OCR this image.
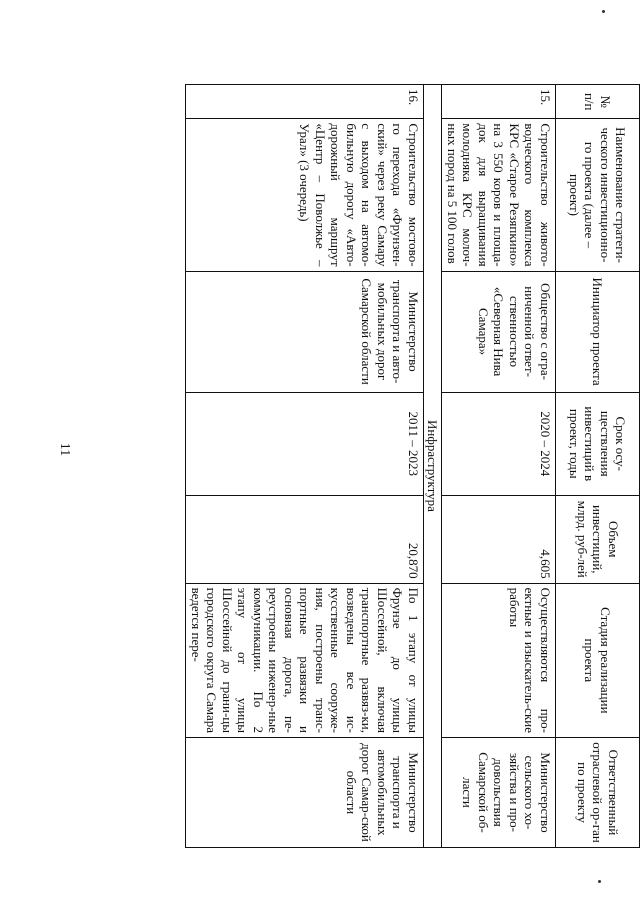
№ п/п	Наименование стратеги-ческого инвестиционно-го проекта (далее – проект)	Инициатор проекта	Срок осу-ществления инвестиций в проект, годы	Объем инвестиций, млрд. руб-лей	Стадия реализации проекта	Ответственный отраслевой ор-ган по проекту
15.	Строительство живото-водческого комплекса КРС «Старое Резяпкино» на 3 550 коров и площа-док для выращивания молодняка КРС молоч-ных пород на 5 100 голов	Общество с огра-ниченной ответ-ственностью «Северная Нива Самара»	2020 – 2024	4,605	Осуществляются про-ектные и изыскатель-ские работы	Министерство сельского хо-зяйства и про-довольствия Самарской об-ласти
Инфраструктура						
16.	Строительство мостово-го перехода «Фрунзен-ский» через реку Самару с выходом на автомо-бильную дорогу «Авто-дорожный маршрут «Центр – Поволжье – Урал» (3 очередь)	Министерство транспорта и авто-мобильных дорог Самарской области	2011 – 2023	20,870	По 1 этапу от улицы Фрунзе до улицы Шоссейной, включая транспортные развяз-ки, возведены все ис-кусственные сооруже-ния, построены транс-портные развязки и основная дорога, пе-реустроены инженер-ные коммуникации. По 2 этапу от улицы Шоссейной до грани-цы городского округа Самара ведется пере-	Министерство транспорта и автомобильных дорог Самар-ской области
11
